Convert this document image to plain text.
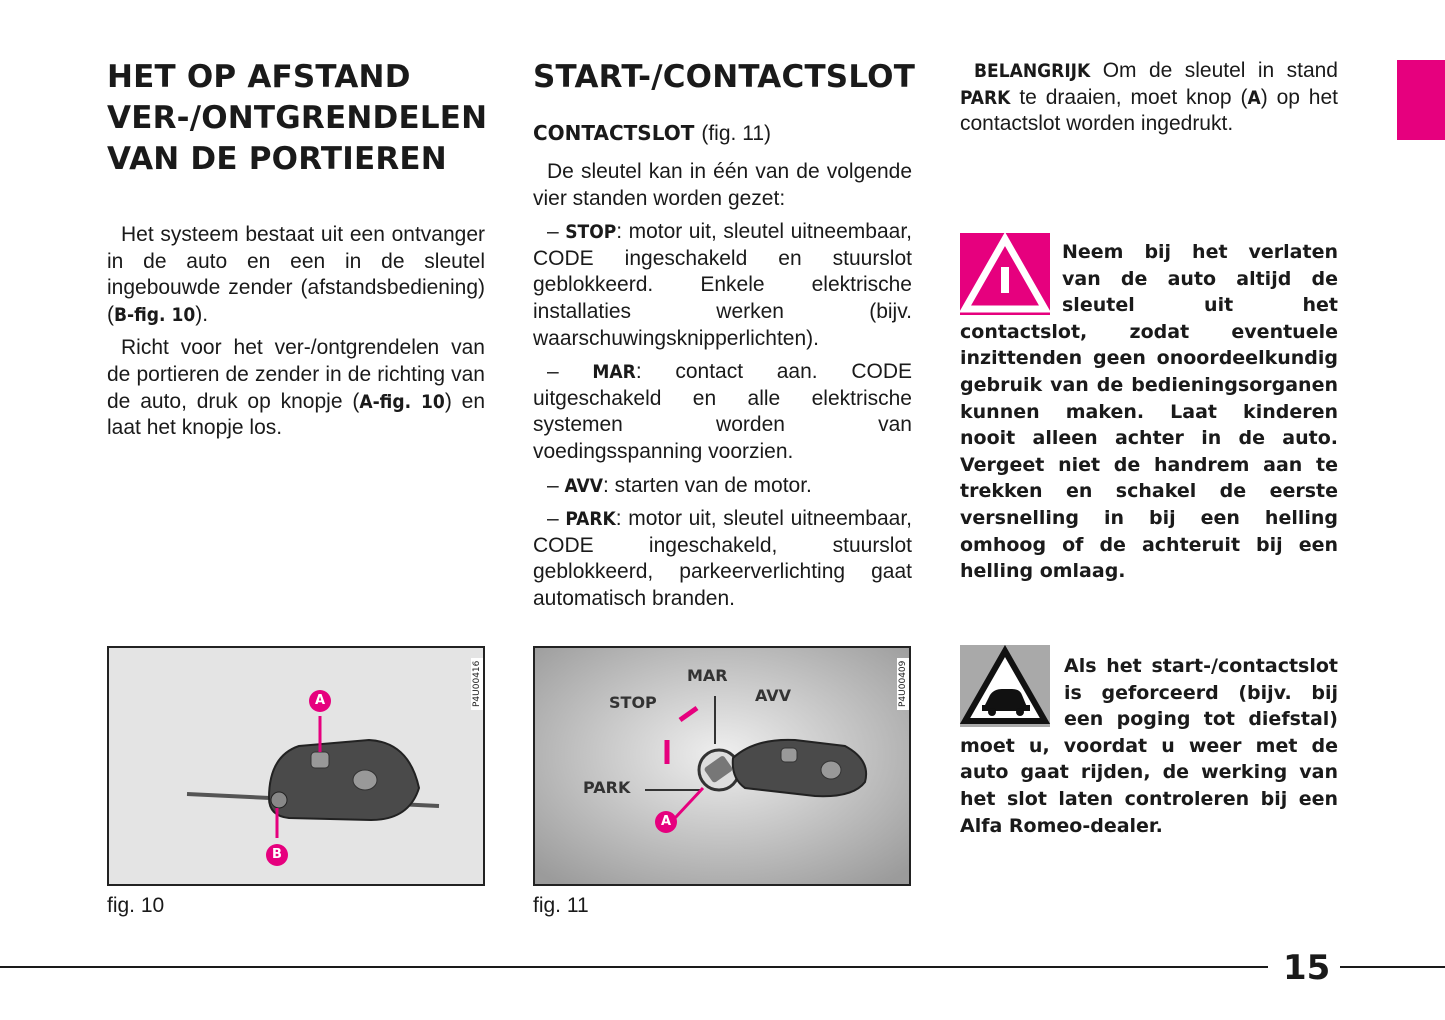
HET OP AFSTAND
VER-/ONTGRENDELEN
VAN DE PORTIEREN

Het systeem bestaat uit een ontvanger in de auto en een in de sleutel ingebouwde zender (afstandsbediening) (B-fig. 10).

Richt voor het ver-/ontgrendelen van de portieren de zender in de richting van de auto, druk op knopje (A-fig. 10) en laat het knopje los.

START-/CONTACTSLOT
CONTACTSLOT (fig. 11)

De sleutel kan in één van de volgende vier standen worden gezet:

– STOP: motor uit, sleutel uitneembaar, CODE ingeschakeld en stuurslot geblokkeerd. Enkele elektrische installaties werken (bijv. waarschuwingsknipperlichten).

– MAR: contact aan. CODE uitgeschakeld en alle elektrische systemen worden van voedingsspanning voorzien.

– AVV: starten van de motor.

– PARK: motor uit, sleutel uitneembaar, CODE ingeschakeld, stuurslot geblokkeerd, parkeerverlichting gaat automatisch branden.

BELANGRIJK Om de sleutel in stand PARK te draaien, moet knop (A) op het contactslot worden ingedrukt.

Neem bij het verlaten van de auto altijd de sleutel uit het contactslot, zodat eventuele inzittenden geen onoordeelkundig gebruik van de bedieningsorganen kunnen maken. Laat kinderen nooit alleen achter in de auto. Vergeet niet de handrem aan te trekken en schakel de eerste versnelling in bij een helling omhoog of de achteruit bij een helling omlaag.

Als het start-/contactslot is geforceerd (bijv. bij een poging tot diefstal) moet u, voordat u weer met de auto gaat rijden, de werking van het slot laten controleren bij een Alfa Romeo-dealer.

A
B
P4U00416
fig. 10
MAR
AVV
STOP
PARK
A
P4U00409
fig. 11
15
